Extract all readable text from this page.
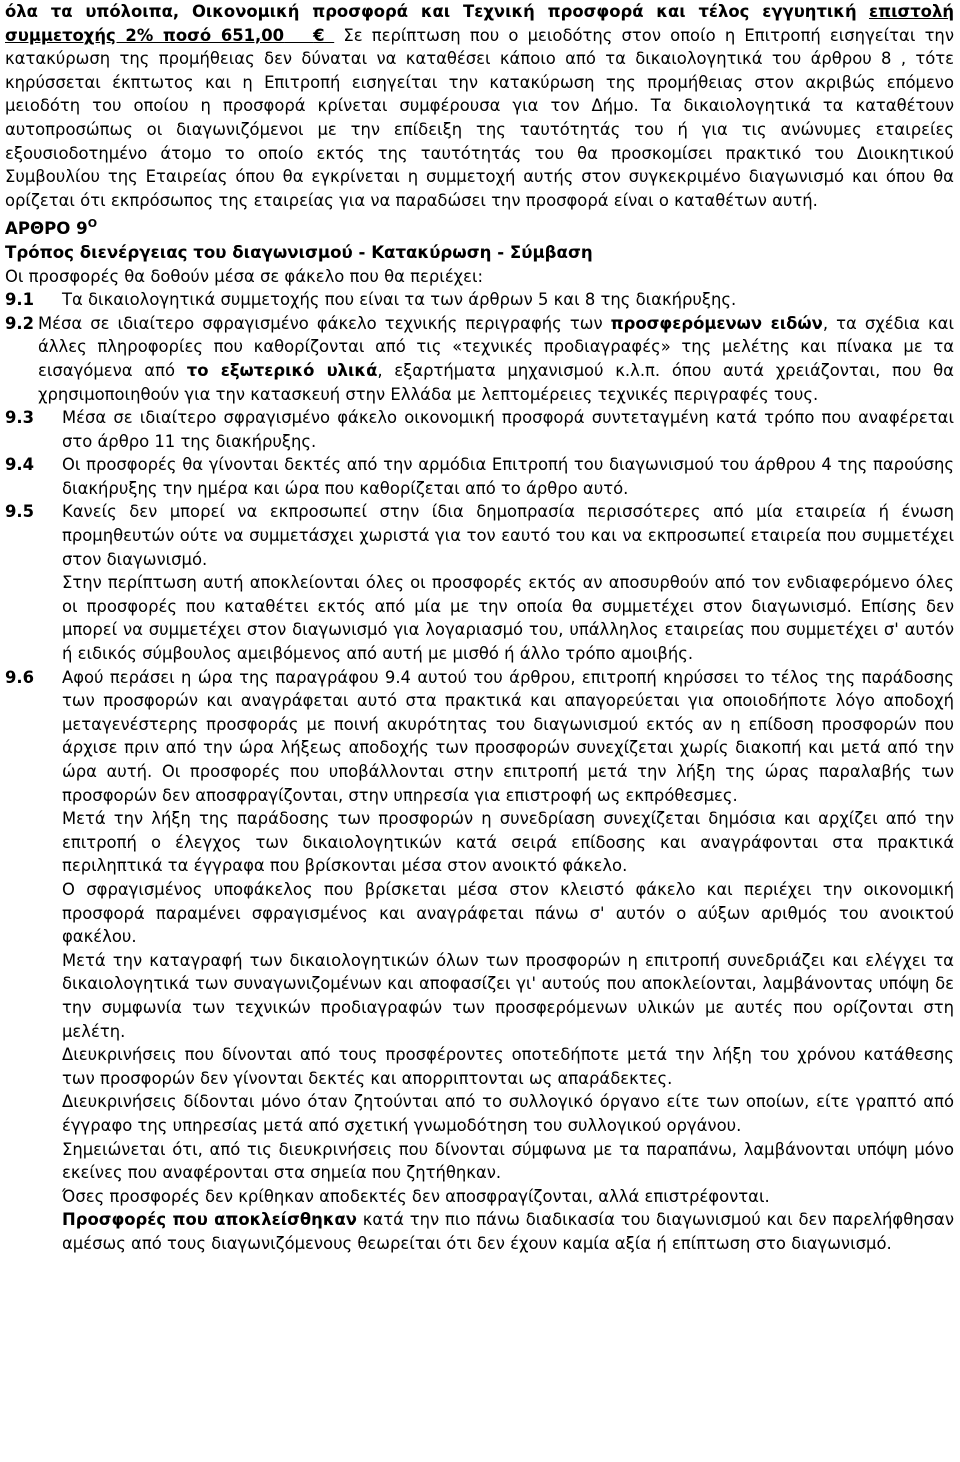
όλα τα υπόλοιπα, Οικονομική προσφορά και Τεχνική προσφορά και τέλος εγγυητική επιστολή συμμετοχής 2% ποσό 651,00 € Σε περίπτωση που ο μειοδότης στον οποίο η Επιτροπή εισηγείται την κατακύρωση της προμήθειας δεν δύναται να καταθέσει κάποιο από τα δικαιολογητικά του άρθρου 8 , τότε κηρύσσεται έκπτωτος και η Επιτροπή εισηγείται την κατακύρωση της προμήθειας στον ακριβώς επόμενο μειοδότη του οποίου η προσφορά κρίνεται συμφέρουσα για τον Δήμο. Τα δικαιολογητικά τα καταθέτουν αυτοπροσώπως οι διαγωνιζόμενοι με την επίδειξη της ταυτότητάς του ή για τις ανώνυμες εταιρείες εξουσιοδοτημένο άτομο το οποίο εκτός της ταυτότητάς του θα προσκομίσει πρακτικό του Διοικητικού Συμβουλίου της Εταιρείας όπου θα εγκρίνεται η συμμετοχή αυτής στον συγκεκριμένο διαγωνισμό και όπου θα ορίζεται ότι εκπρόσωπος της εταιρείας για να παραδώσει την προσφορά είναι ο καταθέτων αυτή.

ΑΡΘΡΟ $9^O$
Τρόπος διενέργειας του διαγωνισμού - Κατακύρωση - Σύμβαση

Οι προσφορές θα δοθούν μέσα σε φάκελο που θα περιέχει:

9.1	Τα δικαιολογητικά συμμετοχής που είναι τα των άρθρων 5 και 8 της διακήρυξης.
9.2 Μέσα σε ιδιαίτερο σφραγισμένο φάκελο τεχνικής περιγραφής των προσφερόμενων ειδών, τα σχέδια και άλλες πληροφορίες που καθορίζονται από τις «τεχνικές προδιαγραφές» της μελέτης και πίνακα με τα εισαγόμενα από το εξωτερικό υλικά, εξαρτήματα μηχανισμού κ.λ.π. όπου αυτά χρειάζονται, που θα χρησιμοποιηθούν για την κατασκευή στην Ελλάδα με λεπτομέρειες τεχνικές περιγραφές τους.
9.3	Μέσα σε ιδιαίτερο σφραγισμένο φάκελο οικονομική προσφορά συντεταγμένη κατά τρόπο που αναφέρεται στο άρθρο 11 της διακήρυξης.
9.4	Οι προσφορές θα γίνονται δεκτές από την αρμόδια Επιτροπή του διαγωνισμού του άρθρου 4 της παρούσης διακήρυξης την ημέρα και ώρα που καθορίζεται από το άρθρο αυτό.
9.5	Κανείς δεν μπορεί να εκπροσωπεί στην ίδια δημοπρασία περισσότερες από μία εταιρεία ή ένωση προμηθευτών ούτε να συμμετάσχει χωριστά για τον εαυτό του και να εκπροσωπεί εταιρεία που συμμετέχει στον διαγωνισμό.

Στην περίπτωση αυτή αποκλείονται όλες οι προσφορές εκτός αν αποσυρθούν από τον ενδιαφερόμενο όλες οι προσφορές που καταθέτει εκτός από μία με την οποία θα συμμετέχει στον διαγωνισμό. Επίσης δεν μπορεί να συμμετέχει στον διαγωνισμό για λογαριασμό του, υπάλληλος εταιρείας που συμμετέχει σ' αυτόν ή ειδικός σύμβουλος αμειβόμενος από αυτή με μισθό ή άλλο τρόπο αμοιβής.

9.6	Αφού περάσει η ώρα της παραγράφου 9.4 αυτού του άρθρου, επιτροπή κηρύσσει το τέλος της παράδοσης των προσφορών και αναγράφεται αυτό στα πρακτικά και απαγορεύεται για οποιοδήποτε λόγο αποδοχή μεταγενέστερης προσφοράς με ποινή ακυρότητας του διαγωνισμού εκτός αν η επίδοση προσφορών που άρχισε πριν από την ώρα λήξεως αποδοχής των προσφορών συνεχίζεται χωρίς διακοπή και μετά από την ώρα αυτή. Οι προσφορές που υποβάλλονται στην επιτροπή μετά την λήξη της ώρας παραλαβής των προσφορών δεν αποσφραγίζονται, στην υπηρεσία για επιστροφή ως εκπρόθεσμες.

Μετά την λήξη της παράδοσης των προσφορών η συνεδρίαση συνεχίζεται δημόσια και αρχίζει από την επιτροπή ο έλεγχος των δικαιολογητικών κατά σειρά επίδοσης και αναγράφονται στα πρακτικά περιληπτικά τα έγγραφα που βρίσκονται μέσα στον ανοικτό φάκελο.

Ο σφραγισμένος υποφάκελος που βρίσκεται μέσα στον κλειστό φάκελο και περιέχει την οικονομική προσφορά παραμένει σφραγισμένος και αναγράφεται πάνω σ' αυτόν ο αύξων αριθμός του ανοικτού φακέλου.

Μετά την καταγραφή των δικαιολογητικών όλων των προσφορών η επιτροπή συνεδριάζει και ελέγχει τα δικαιολογητικά των συναγωνιζομένων και αποφασίζει γι' αυτούς που αποκλείονται, λαμβάνοντας υπόψη δε την συμφωνία των τεχνικών προδιαγραφών των προσφερόμενων υλικών με αυτές που ορίζονται στη μελέτη.

Διευκρινήσεις που δίνονται από τους προσφέροντες οποτεδήποτε μετά την λήξη του χρόνου κατάθεσης των προσφορών δεν γίνονται δεκτές και απορριπτονται ως απαράδεκτες.

Διευκρινήσεις δίδονται μόνο όταν ζητούνται από το συλλογικό όργανο είτε των οποίων, είτε γραπτό από έγγραφο της υπηρεσίας μετά από σχετική γνωμοδότηση του συλλογικού οργάνου.

Σημειώνεται ότι, από τις διευκρινήσεις που δίνονται σύμφωνα με τα παραπάνω, λαμβάνονται υπόψη μόνο εκείνες που αναφέρονται στα σημεία που ζητήθηκαν.

Όσες προσφορές δεν κρίθηκαν αποδεκτές δεν αποσφραγίζονται, αλλά επιστρέφονται.

Προσφορές που αποκλείσθηκαν κατά την πιο πάνω διαδικασία του διαγωνισμού και δεν παρελήφθησαν αμέσως από τους διαγωνιζόμενους θεωρείται ότι δεν έχουν καμία αξία ή επίπτωση στο διαγωνισμό.
